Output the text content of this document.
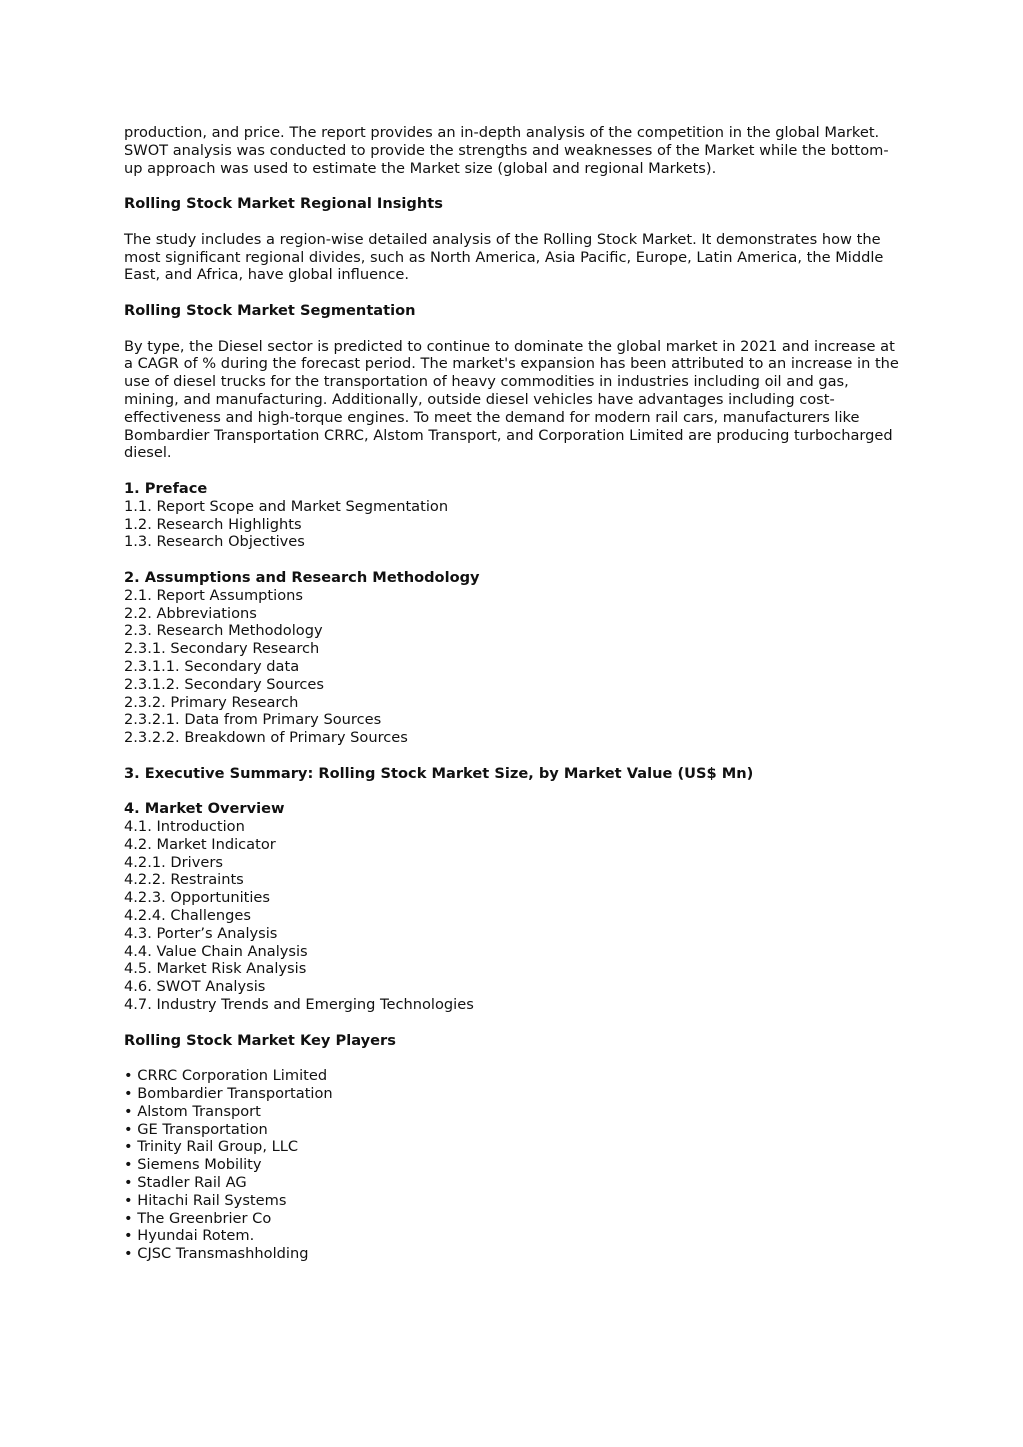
production, and price. The report provides an in-depth analysis of the competition in the global Market. SWOT analysis was conducted to provide the strengths and weaknesses of the Market while the bottom-up approach was used to estimate the Market size (global and regional Markets).

Rolling Stock Market Regional Insights

The study includes a region-wise detailed analysis of the Rolling Stock Market. It demonstrates how the most significant regional divides, such as North America, Asia Pacific, Europe, Latin America, the Middle East, and Africa, have global influence.

Rolling Stock Market Segmentation

By type, the Diesel sector is predicted to continue to dominate the global market in 2021 and increase at a CAGR of % during the forecast period. The market's expansion has been attributed to an increase in the use of diesel trucks for the transportation of heavy commodities in industries including oil and gas, mining, and manufacturing. Additionally, outside diesel vehicles have advantages including cost-effectiveness and high-torque engines. To meet the demand for modern rail cars, manufacturers like Bombardier Transportation CRRC, Alstom Transport, and Corporation Limited are producing turbocharged diesel.

1. Preface
1.1. Report Scope and Market Segmentation
1.2. Research Highlights
1.3. Research Objectives
2. Assumptions and Research Methodology
2.1. Report Assumptions
2.2. Abbreviations
2.3. Research Methodology
2.3.1. Secondary Research
2.3.1.1. Secondary data
2.3.1.2. Secondary Sources
2.3.2. Primary Research
2.3.2.1. Data from Primary Sources
2.3.2.2. Breakdown of Primary Sources
3. Executive Summary: Rolling Stock Market Size, by Market Value (US$ Mn)
4. Market Overview
4.1. Introduction
4.2. Market Indicator
4.2.1. Drivers
4.2.2. Restraints
4.2.3. Opportunities
4.2.4. Challenges
4.3. Porter’s Analysis
4.4. Value Chain Analysis
4.5. Market Risk Analysis
4.6. SWOT Analysis
4.7. Industry Trends and Emerging Technologies

Rolling Stock Market Key Players

• CRRC Corporation Limited
• Bombardier Transportation
• Alstom Transport
• GE Transportation
• Trinity Rail Group, LLC
• Siemens Mobility
• Stadler Rail AG
• Hitachi Rail Systems
• The Greenbrier Co
• Hyundai Rotem.
• CJSC Transmashholding
